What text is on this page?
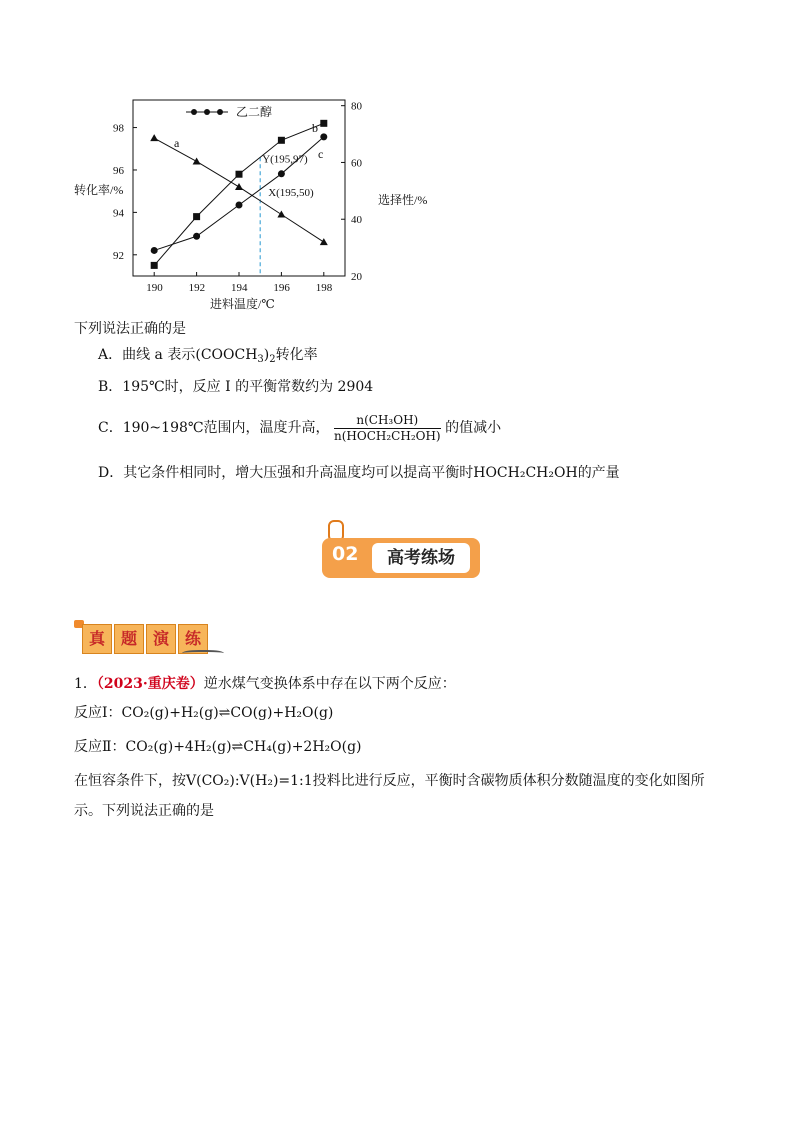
190 192 194 196 198
92
94
96
98
20
40
60
80
乙二醇
a
b
c
Y(195,97)
X(195,50)
转化率/%
选择性/%
进料温度/℃
下列说法正确的是
A．曲线 a 表示$(COOCH_3)_2$转化率
B．195℃时，反应 I 的平衡常数约为 2904
C．190~198℃范围内，温度升高， $\frac{\text{n(CH₃OH)}}{\text{n(HOCH₂CH₂OH)}}$ 的值减小
D．其它条件相同时，增大压强和升高温度均可以提高平衡时HOCH₂CH₂OH的产量
02	高考练场
真 题 演 练
1．（2023·重庆卷）逆水煤气变换体系中存在以下两个反应：
反应Ⅰ：CO₂(g)+H₂(g)⇌CO(g)+H₂O(g)
反应Ⅱ：CO₂(g)+4H₂(g)⇌CH₄(g)+2H₂O(g)
在恒容条件下，按V(CO₂):V(H₂)=1:1投料比进行反应，平衡时含碳物质体积分数随温度的变化如图所
示。下列说法正确的是
